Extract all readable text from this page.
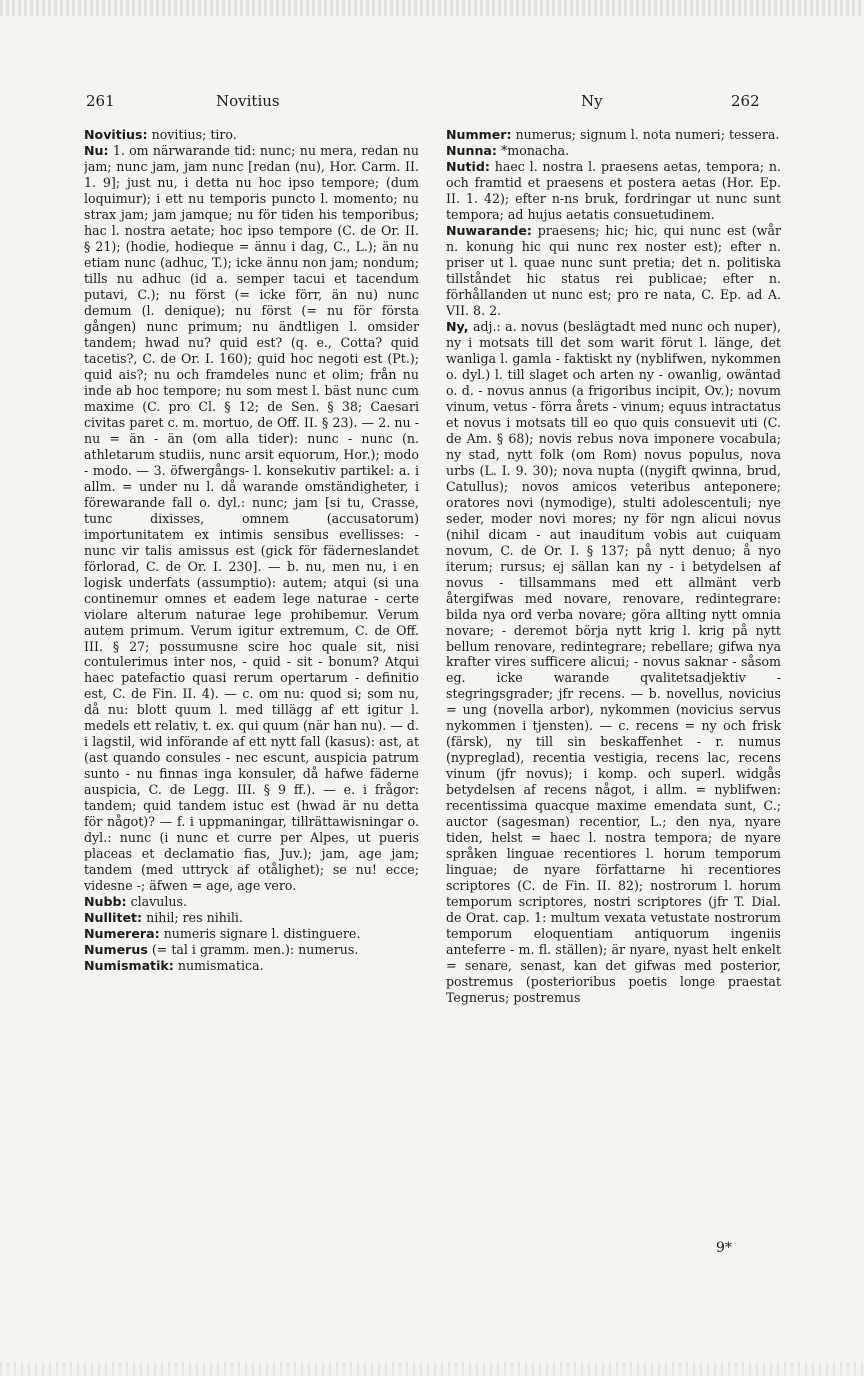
261	Novitius	Ny	262

Novitius: novitius; tiro.

Nu: 1. om närwarande tid: nunc; nu mera, redan nu jam; nunc jam, jam nunc [redan (nu), Hor. Carm. II. 1. 9]; just nu, i detta nu hoc ipso tempore; (dum loquimur); i ett nu temporis puncto l. momento; nu strax jam; jam jamque; nu för tiden his temporibus; hac l. nostra aetate; hoc ipso tempore (C. de Or. II. § 21); (hodie, hodieque = ännu i dag, C., L.); än nu etiam nunc (adhuc, T.); icke ännu non jam; nondum; tills nu adhuc (id a. semper tacui et tacendum putavi, C.); nu först (= icke förr, än nu) nunc demum (l. denique); nu först (= nu för första gången) nunc primum; nu ändtligen l. omsider tandem; hwad nu? quid est? (q. e., Cotta? quid tacetis?, C. de Or. I. 160); quid hoc negoti est (Pt.); quid ais?; nu och framdeles nunc et olim; från nu inde ab hoc tempore; nu som mest l. bäst nunc cum maxime (C. pro Cl. § 12; de Sen. § 38; Caesari civitas paret c. m. mortuo, de Off. II. § 23). — 2. nu - nu = än - än (om alla tider): nunc - nunc (n. athletarum studiis, nunc arsit equorum, Hor.); modo - modo. — 3. öfwergångs- l. konsekutiv partikel: a. i allm. = under nu l. då warande omständigheter, i förewarande fall o. dyl.: nunc; jam [si tu, Crasse, tunc dixisses, omnem (accusatorum) importunitatem ex intimis sensibus evellisses: - nunc vir talis amissus est (gick för fäderneslandet förlorad, C. de Or. I. 230]. — b. nu, men nu, i en logisk underfats (assumptio): autem; atqui (si una continemur omnes et eadem lege naturae - certe violare alterum naturae lege prohibemur. Verum autem primum. Verum igitur extremum, C. de Off. III. § 27; possumusne scire hoc quale sit, nisi contulerimus inter nos, - quid - sit - bonum? Atqui haec patefactio quasi rerum opertarum - definitio est, C. de Fin. II. 4). — c. om nu: quod si; som nu, då nu: blott quum l. med tillägg af ett igitur l. medels ett relativ, t. ex. qui quum (när han nu). — d. i lagstil, wid införande af ett nytt fall (kasus): ast, at (ast quando consules - nec escunt, auspicia patrum sunto - nu finnas inga konsuler, då hafwe fäderne auspicia, C. de Legg. III. § 9 ff.). — e. i frågor: tandem; quid tandem istuc est (hwad är nu detta för något)? — f. i uppmaningar, tillrättawisningar o. dyl.: nunc (i nunc et curre per Alpes, ut pueris placeas et declamatio fias, Juv.); jam, age jam; tandem (med uttryck af otålighet); se nu! ecce; videsne -; äfwen = age, age vero.

Nubb: clavulus.

Nullitet: nihil; res nihili.

Numerera: numeris signare l. distinguere.

Numerus (= tal i gramm. men.): numerus.

Numismatik: numismatica.

Nummer: numerus; signum l. nota numeri; tessera.

Nunna: *monacha.

Nutid: haec l. nostra l. praesens aetas, tempora; n. och framtid et praesens et postera aetas (Hor. Ep. II. 1. 42); efter n-ns bruk, fordringar ut nunc sunt tempora; ad hujus aetatis consuetudinem.

Nuwarande: praesens; hic; hic, qui nunc est (wår n. konung hic qui nunc rex noster est); efter n. priser ut l. quae nunc sunt pretia; det n. politiska tillståndet hic status rei publicae; efter n. förhållanden ut nunc est; pro re nata, C. Ep. ad A. VII. 8. 2.

Ny, adj.: a. novus (beslägtadt med nunc och nuper), ny i motsats till det som warit förut l. länge, det wanliga l. gamla - faktiskt ny (nyblifwen, nykommen o. dyl.) l. till slaget och arten ny - owanlig, owäntad o. d. - novus annus (a frigoribus incipit, Ov.); novum vinum, vetus - förra årets - vinum; equus intractatus et novus i motsats till eo quo quis consuevit uti (C. de Am. § 68); novis rebus nova imponere vocabula; ny stad, nytt folk (om Rom) novus populus, nova urbs (L. I. 9. 30); nova nupta ((nygift qwinna, brud, Catullus); novos amicos veteribus anteponere; oratores novi (nymodige), stulti adolescentuli; nye seder, moder novi mores; ny för ngn alicui novus (nihil dicam - aut inauditum vobis aut cuiquam novum, C. de Or. I. § 137; på nytt denuo; å nyo iterum; rursus; ej sällan kan ny - i betydelsen af novus - tillsammans med ett allmänt verb återgifwas med novare, renovare, redintegrare: bilda nya ord verba novare; göra allting nytt omnia novare; - deremot börja nytt krig l. krig på nytt bellum renovare, redintegrare; rebellare; gifwa nya krafter vires sufficere alicui; - novus saknar - såsom eg. icke warande qvalitetsadjektiv - stegringsgrader; jfr recens. — b. novellus, novicius = ung (novella arbor), nykommen (novicius servus nykommen i tjensten). — c. recens = ny och frisk (färsk), ny till sin beskaffenhet - r. numus (nypreglad), recentia vestigia, recens lac, recens vinum (jfr novus); i komp. och superl. widgås betydelsen af recens något, i allm. = nyblifwen: recentissima quacque maxime emendata sunt, C.; auctor (sagesman) recentior, L.; den nya, nyare tiden, helst = haec l. nostra tempora; de nyare språken linguae recentiores l. horum temporum linguae; de nyare författarne hi recentiores scriptores (C. de Fin. II. 82); nostrorum l. horum temporum scriptores, nostri scriptores (jfr T. Dial. de Orat. cap. 1: multum vexata vetustate nostrorum temporum eloquentiam antiquorum ingeniis anteferre - m. fl. ställen); är nyare, nyast helt enkelt = senare, senast, kan det gifwas med posterior, postremus (posterioribus poetis longe praestat Tegnerus; postremus

9*
